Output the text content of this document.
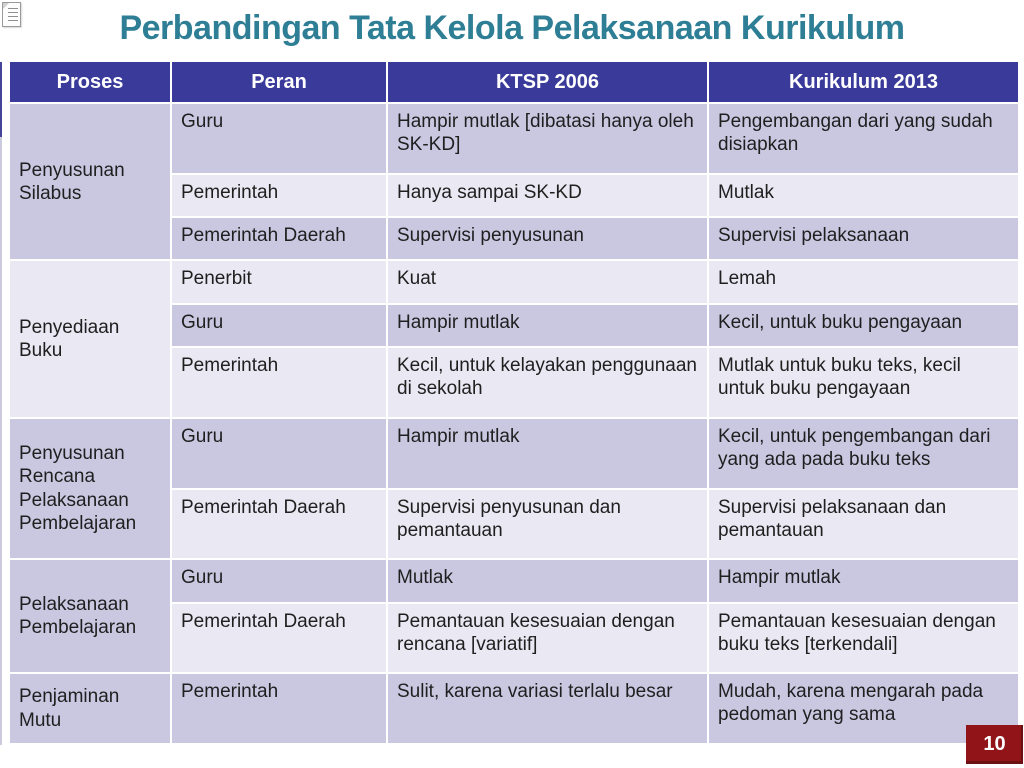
Perbandingan Tata Kelola Pelaksanaan Kurikulum
Proses	Peran	KTSP 2006	Kurikulum 2013
Penyusunan Silabus	Guru	Hampir mutlak [dibatasi hanya oleh SK-KD]	Pengembangan dari yang sudah disiapkan
	Pemerintah	Hanya sampai SK-KD	Mutlak
	Pemerintah Daerah	Supervisi penyusunan	Supervisi pelaksanaan
Penyediaan Buku	Penerbit	Kuat	Lemah
	Guru	Hampir mutlak	Kecil, untuk buku pengayaan
	Pemerintah	Kecil, untuk kelayakan penggunaan di sekolah	Mutlak untuk buku teks, kecil untuk buku pengayaan
Penyusunan Rencana Pelaksanaan Pembelajaran	Guru	Hampir mutlak	Kecil, untuk pengembangan dari yang ada pada buku teks
	Pemerintah Daerah	Supervisi penyusunan dan pemantauan	Supervisi pelaksanaan dan pemantauan
Pelaksanaan Pembelajaran	Guru	Mutlak	Hampir mutlak
	Pemerintah Daerah	Pemantauan kesesuaian dengan rencana [variatif]	Pemantauan kesesuaian dengan buku teks [terkendali]
Penjaminan Mutu	Pemerintah	Sulit, karena variasi terlalu besar	Mudah, karena mengarah pada pedoman yang sama
10
